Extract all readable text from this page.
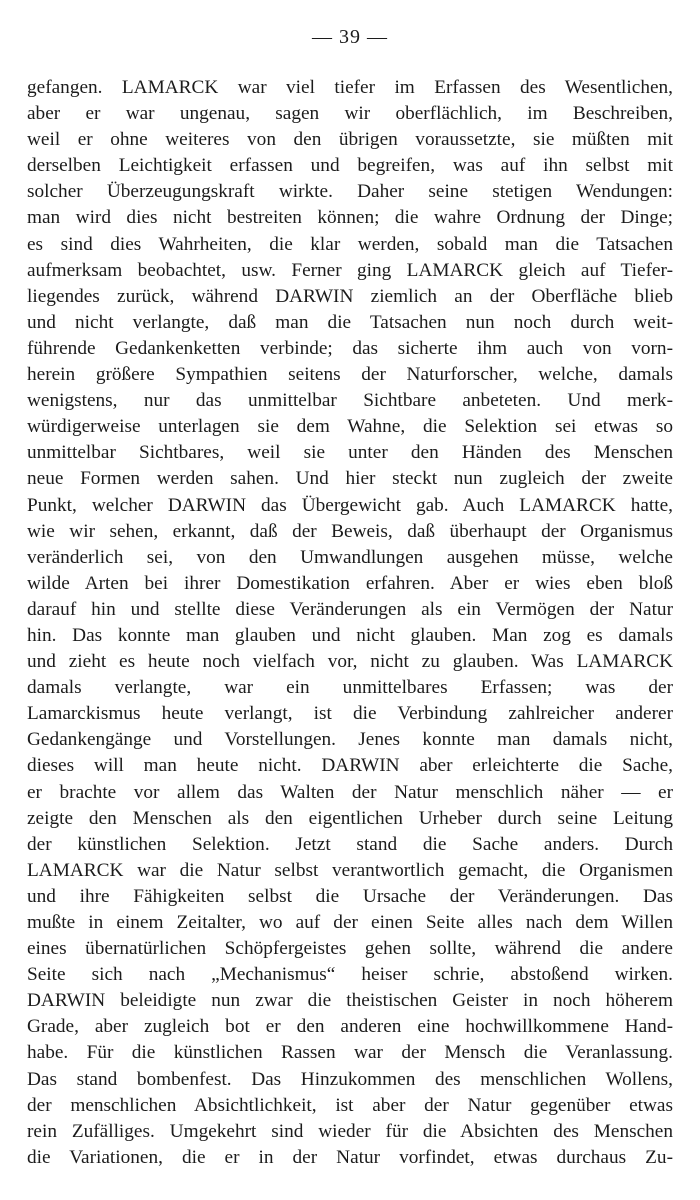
— 39 —
gefangen. LAMARCK war viel tiefer im Erfassen des Wesentlichen,
aber er war ungenau, sagen wir oberflächlich, im Beschreiben,
weil er ohne weiteres von den übrigen voraussetzte, sie müßten mit
derselben Leichtigkeit erfassen und begreifen, was auf ihn selbst mit
solcher Überzeugungskraft wirkte. Daher seine stetigen Wendungen:
man wird dies nicht bestreiten können; die wahre Ordnung der Dinge;
es sind dies Wahrheiten, die klar werden, sobald man die Tatsachen
aufmerksam beobachtet, usw. Ferner ging LAMARCK gleich auf Tiefer-
liegendes zurück, während DARWIN ziemlich an der Oberfläche blieb
und nicht verlangte, daß man die Tatsachen nun noch durch weit-
führende Gedankenketten verbinde; das sicherte ihm auch von vorn-
herein größere Sympathien seitens der Naturforscher, welche, damals
wenigstens, nur das unmittelbar Sichtbare anbeteten. Und merk-
würdigerweise unterlagen sie dem Wahne, die Selektion sei etwas so
unmittelbar Sichtbares, weil sie unter den Händen des Menschen
neue Formen werden sahen. Und hier steckt nun zugleich der zweite
Punkt, welcher DARWIN das Übergewicht gab. Auch LAMARCK hatte,
wie wir sehen, erkannt, daß der Beweis, daß überhaupt der Organismus
veränderlich sei, von den Umwandlungen ausgehen müsse, welche
wilde Arten bei ihrer Domestikation erfahren. Aber er wies eben bloß
darauf hin und stellte diese Veränderungen als ein Vermögen der Natur
hin. Das konnte man glauben und nicht glauben. Man zog es damals
und zieht es heute noch vielfach vor, nicht zu glauben. Was LAMARCK
damals verlangte, war ein unmittelbares Erfassen; was der
Lamarckismus heute verlangt, ist die Verbindung zahlreicher anderer
Gedankengänge und Vorstellungen. Jenes konnte man damals nicht,
dieses will man heute nicht. DARWIN aber erleichterte die Sache,
er brachte vor allem das Walten der Natur menschlich näher — er
zeigte den Menschen als den eigentlichen Urheber durch seine Leitung
der künstlichen Selektion. Jetzt stand die Sache anders. Durch
LAMARCK war die Natur selbst verantwortlich gemacht, die Organismen
und ihre Fähigkeiten selbst die Ursache der Veränderungen. Das
mußte in einem Zeitalter, wo auf der einen Seite alles nach dem Willen
eines übernatürlichen Schöpfergeistes gehen sollte, während die andere
Seite sich nach „Mechanismus“ heiser schrie, abstoßend wirken.
DARWIN beleidigte nun zwar die theistischen Geister in noch höherem
Grade, aber zugleich bot er den anderen eine hochwillkommene Hand-
habe. Für die künstlichen Rassen war der Mensch die Veranlassung.
Das stand bombenfest. Das Hinzukommen des menschlichen Wollens,
der menschlichen Absichtlichkeit, ist aber der Natur gegenüber etwas
rein Zufälliges. Umgekehrt sind wieder für die Absichten des Menschen
die Variationen, die er in der Natur vorfindet, etwas durchaus Zu-
